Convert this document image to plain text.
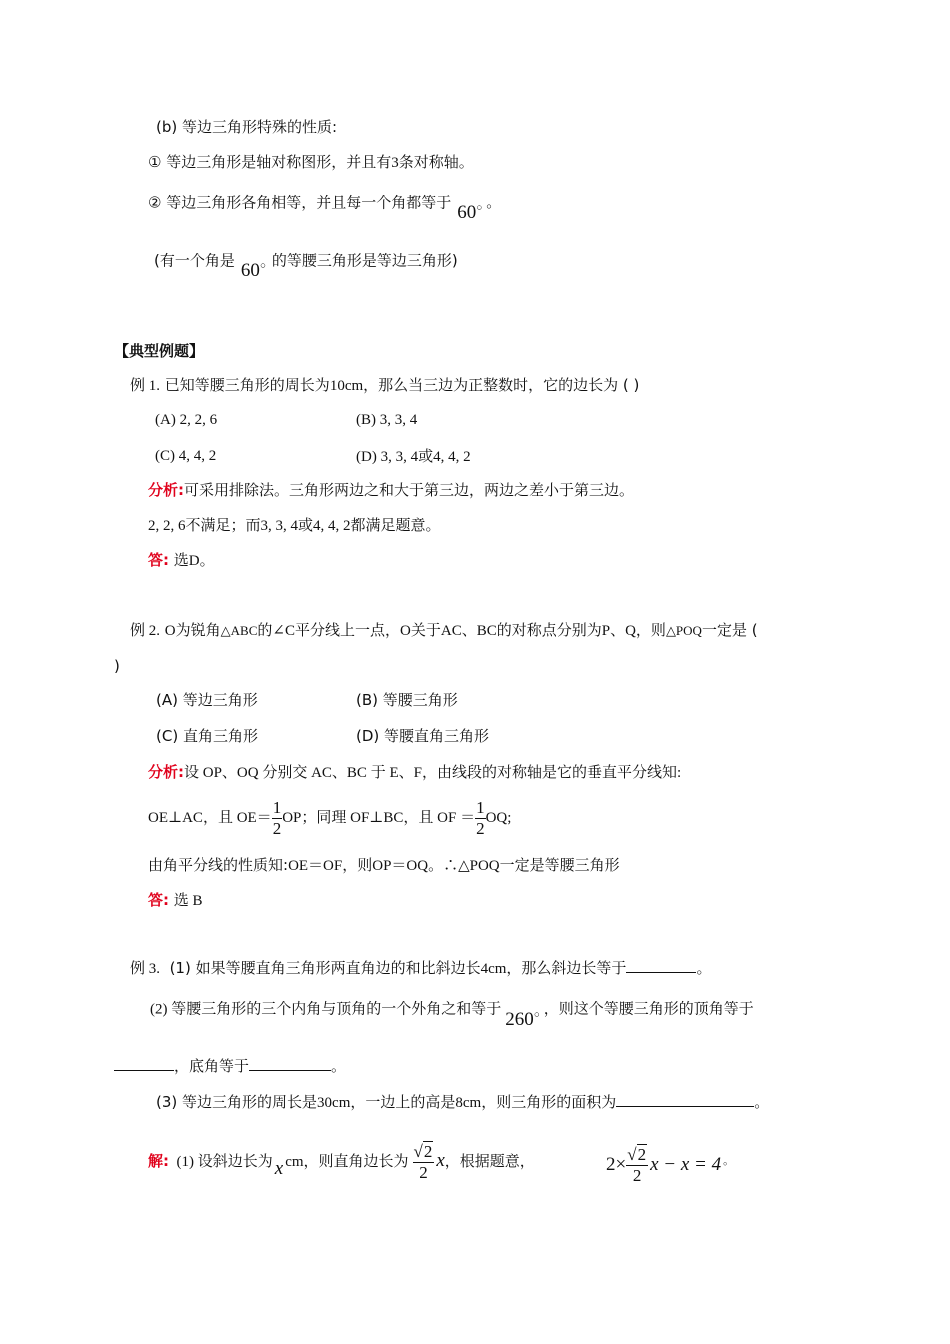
(b) 等边三角形特殊的性质:
① 等边三角形是轴对称图形，并且有3条对称轴。
② 等边三角形各角相等，并且每一个角都等于 60○ 。
(有一个角是 60○ 的等腰三角形是等边三角形)
【典型例题】
例 1. 已知等腰三角形的周长为10cm，那么当三边为正整数时，它的边长为 ( )
(A) 2, 2, 6	(B) 3, 3, 4
(C) 4, 4, 2	(D) 3, 3, 4或4, 4, 2
分析:可采用排除法。三角形两边之和大于第三边，两边之差小于第三边。
2, 2, 6不满足；而3, 3, 4或4, 4, 2都满足题意。
答: 选D。
例 2. O为锐角△ABC的∠C平分线上一点，O关于AC、BC的对称点分别为P、Q，则△POQ一定是 (
)
(A) 等边三角形	(B) 等腰三角形
(C) 直角三角形	(D) 等腰直角三角形
分析:设 OP、OQ 分别交 AC、BC 于 E、F，由线段的对称轴是它的垂直平分线知:
OE⊥AC，且 $OE= \frac{1}{2}$ OP；同理 OF⊥BC，且 OF ＝ $\frac{1}{2}$ OQ;
由角平分线的性质知:OE＝OF，则OP＝OQ。∴△POQ一定是等腰三角形
答: 选 B
例 3. (1) 如果等腰直角三角形两直角边的和比斜边长4cm，那么斜边长等于	。
(2) 等腰三角形的三个内角与顶角的一个外角之和等于 260○ ，则这个等腰三角形的顶角等于
，底角等于	。
(3) 等边三角形的周长是30cm，一边上的高是8cm，则三角形的面积为	。
解: (1) 设斜边长为 x cm，则直角边长为 $\frac{√2}{2}$ x，根据题意，	$2\times \frac{√2}{2}$ x − x = 4 。
